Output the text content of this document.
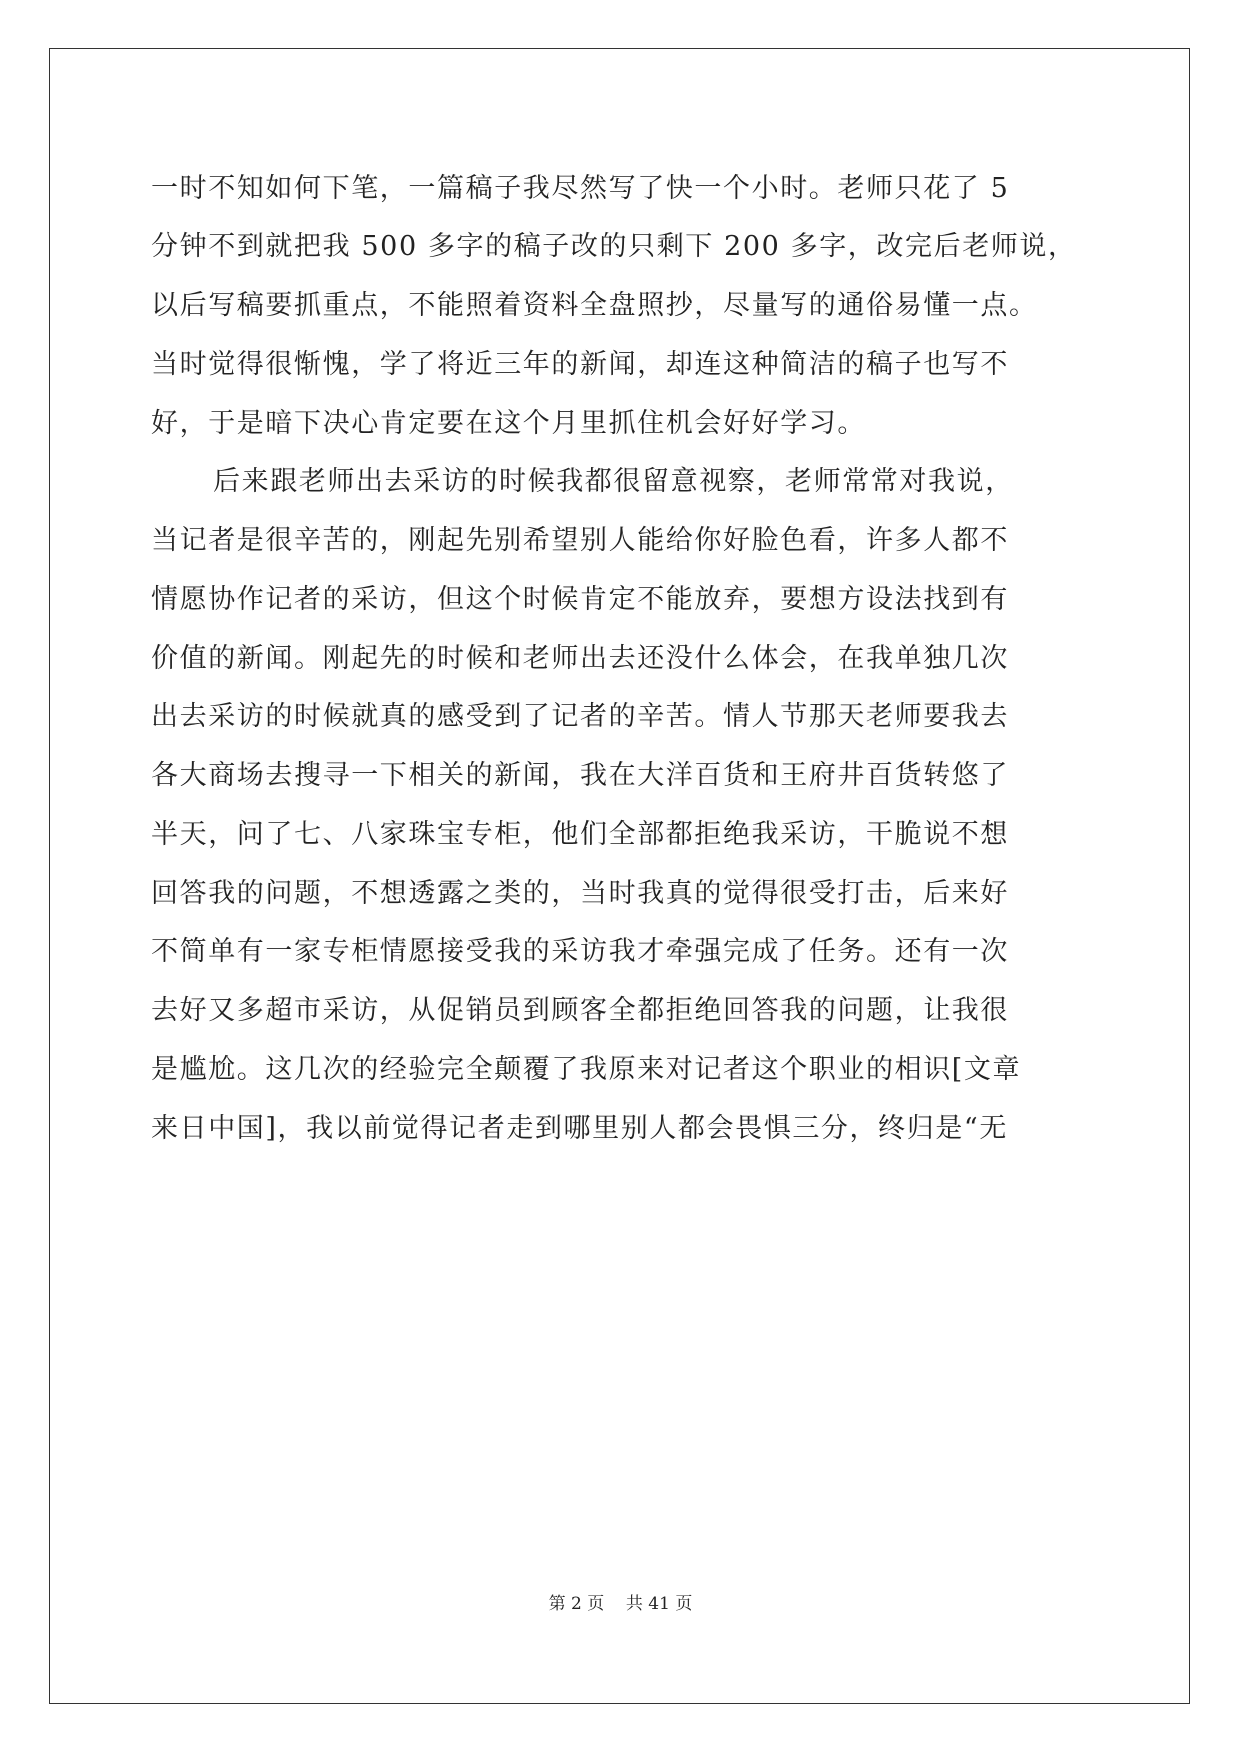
一时不知如何下笔，一篇稿子我尽然写了快一个小时。老师只花了 5
分钟不到就把我 500 多字的稿子改的只剩下 200 多字，改完后老师说，
以后写稿要抓重点，不能照着资料全盘照抄，尽量写的通俗易懂一点。
当时觉得很惭愧，学了将近三年的新闻，却连这种简洁的稿子也写不
好，于是暗下决心肯定要在这个月里抓住机会好好学习。
后来跟老师出去采访的时候我都很留意视察，老师常常对我说，
当记者是很辛苦的，刚起先别希望别人能给你好脸色看，许多人都不
情愿协作记者的采访，但这个时候肯定不能放弃，要想方设法找到有
价值的新闻。刚起先的时候和老师出去还没什么体会，在我单独几次
出去采访的时候就真的感受到了记者的辛苦。情人节那天老师要我去
各大商场去搜寻一下相关的新闻，我在大洋百货和王府井百货转悠了
半天，问了七、八家珠宝专柜，他们全部都拒绝我采访，干脆说不想
回答我的问题，不想透露之类的，当时我真的觉得很受打击，后来好
不简单有一家专柜情愿接受我的采访我才牵强完成了任务。还有一次
去好又多超市采访，从促销员到顾客全都拒绝回答我的问题，让我很
是尴尬。这几次的经验完全颠覆了我原来对记者这个职业的相识[文章
来日中国]，我以前觉得记者走到哪里别人都会畏惧三分，终归是“无
第 2 页    共 41 页
